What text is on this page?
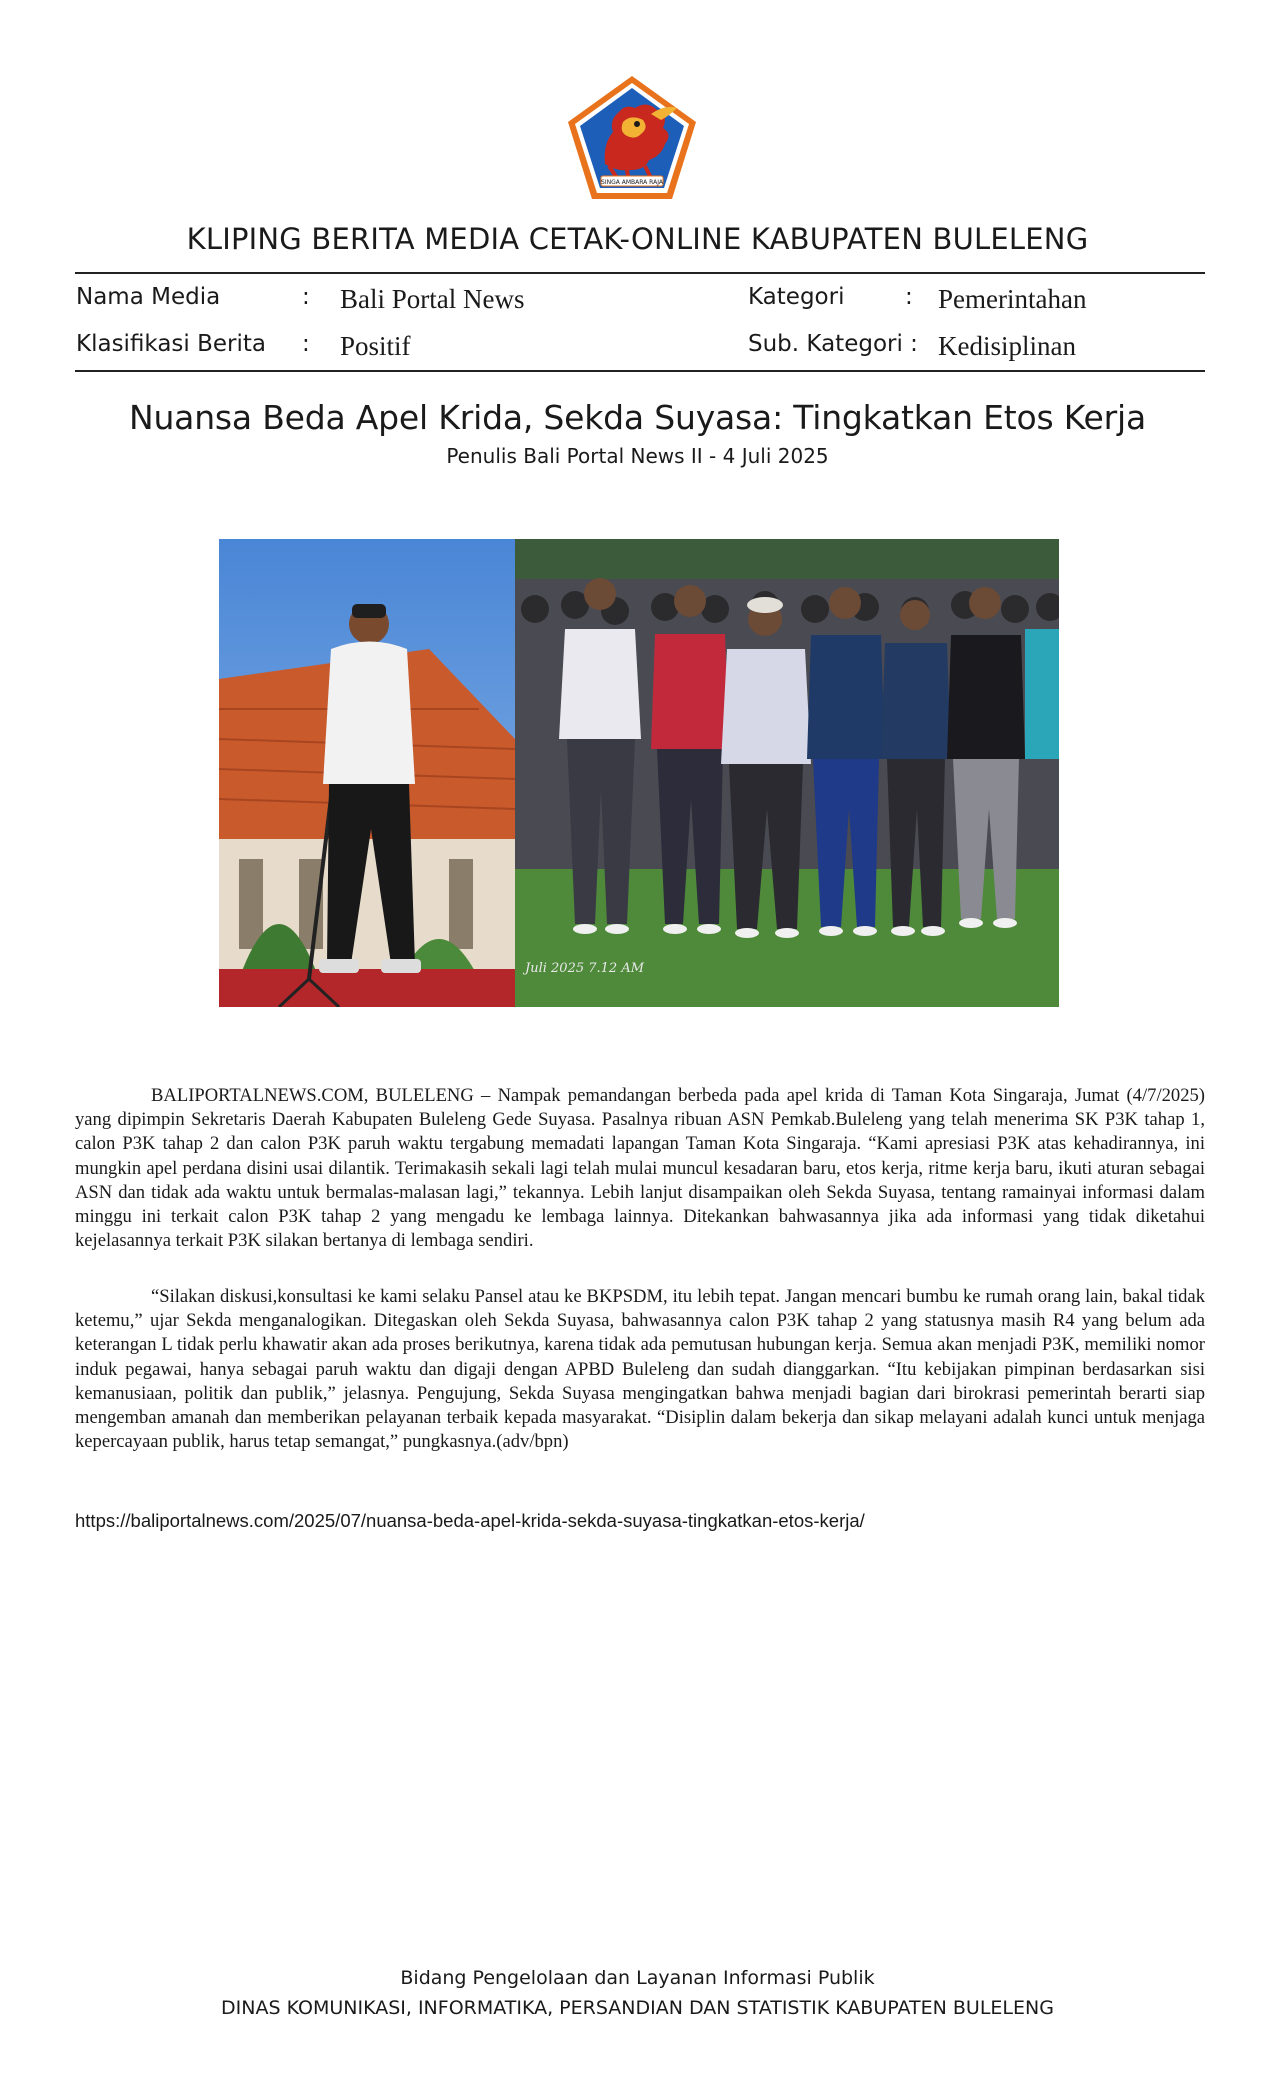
SINGA AMBARA RAJA
KLIPING BERITA MEDIA CETAK-ONLINE KABUPATEN BULELENG
Nama Media	: Bali Portal News	Kategori	: Pemerintahan
Klasifikasi Berita : Positif	Sub. Kategori : Kedisiplinan
Nuansa Beda Apel Krida, Sekda Suyasa: Tingkatkan Etos Kerja
Penulis Bali Portal News II - 4 Juli 2025
Juli 2025 7.12 AM
BALIPORTALNEWS.COM, BULELENG – Nampak pemandangan berbeda pada apel krida di Taman Kota Singaraja, Jumat (4/7/2025) yang dipimpin Sekretaris Daerah Kabupaten Buleleng Gede Suyasa. Pasalnya ribuan ASN Pemkab.Buleleng yang telah menerima SK P3K tahap 1, calon P3K tahap 2 dan calon P3K paruh waktu tergabung memadati lapangan Taman Kota Singaraja. “Kami apresiasi P3K atas kehadirannya, ini mungkin apel perdana disini usai dilantik. Terimakasih sekali lagi telah mulai muncul kesadaran baru, etos kerja, ritme kerja baru, ikuti aturan sebagai ASN dan tidak ada waktu untuk bermalas-malasan lagi,” tekannya. Lebih lanjut disampaikan oleh Sekda Suyasa, tentang ramainyai informasi dalam minggu ini terkait calon P3K tahap 2 yang mengadu ke lembaga lainnya. Ditekankan bahwasannya jika ada informasi yang tidak diketahui kejelasannya terkait P3K silakan bertanya di lembaga sendiri.
“Silakan diskusi,konsultasi ke kami selaku Pansel atau ke BKPSDM, itu lebih tepat. Jangan mencari bumbu ke rumah orang lain, bakal tidak ketemu,” ujar Sekda menganalogikan. Ditegaskan oleh Sekda Suyasa, bahwasannya calon P3K tahap 2 yang statusnya masih R4 yang belum ada keterangan L tidak perlu khawatir akan ada proses berikutnya, karena tidak ada pemutusan hubungan kerja. Semua akan menjadi P3K, memiliki nomor induk pegawai, hanya sebagai paruh waktu dan digaji dengan APBD Buleleng dan sudah dianggarkan. “Itu kebijakan pimpinan berdasarkan sisi kemanusiaan, politik dan publik,” jelasnya. Pengujung, Sekda Suyasa mengingatkan bahwa menjadi bagian dari birokrasi pemerintah berarti siap mengemban amanah dan memberikan pelayanan terbaik kepada masyarakat. “Disiplin dalam bekerja dan sikap melayani adalah kunci untuk menjaga kepercayaan publik, harus tetap semangat,” pungkasnya.(adv/bpn)
https://baliportalnews.com/2025/07/nuansa-beda-apel-krida-sekda-suyasa-tingkatkan-etos-kerja/
Bidang Pengelolaan dan Layanan Informasi Publik
DINAS KOMUNIKASI, INFORMATIKA, PERSANDIAN DAN STATISTIK KABUPATEN BULELENG
